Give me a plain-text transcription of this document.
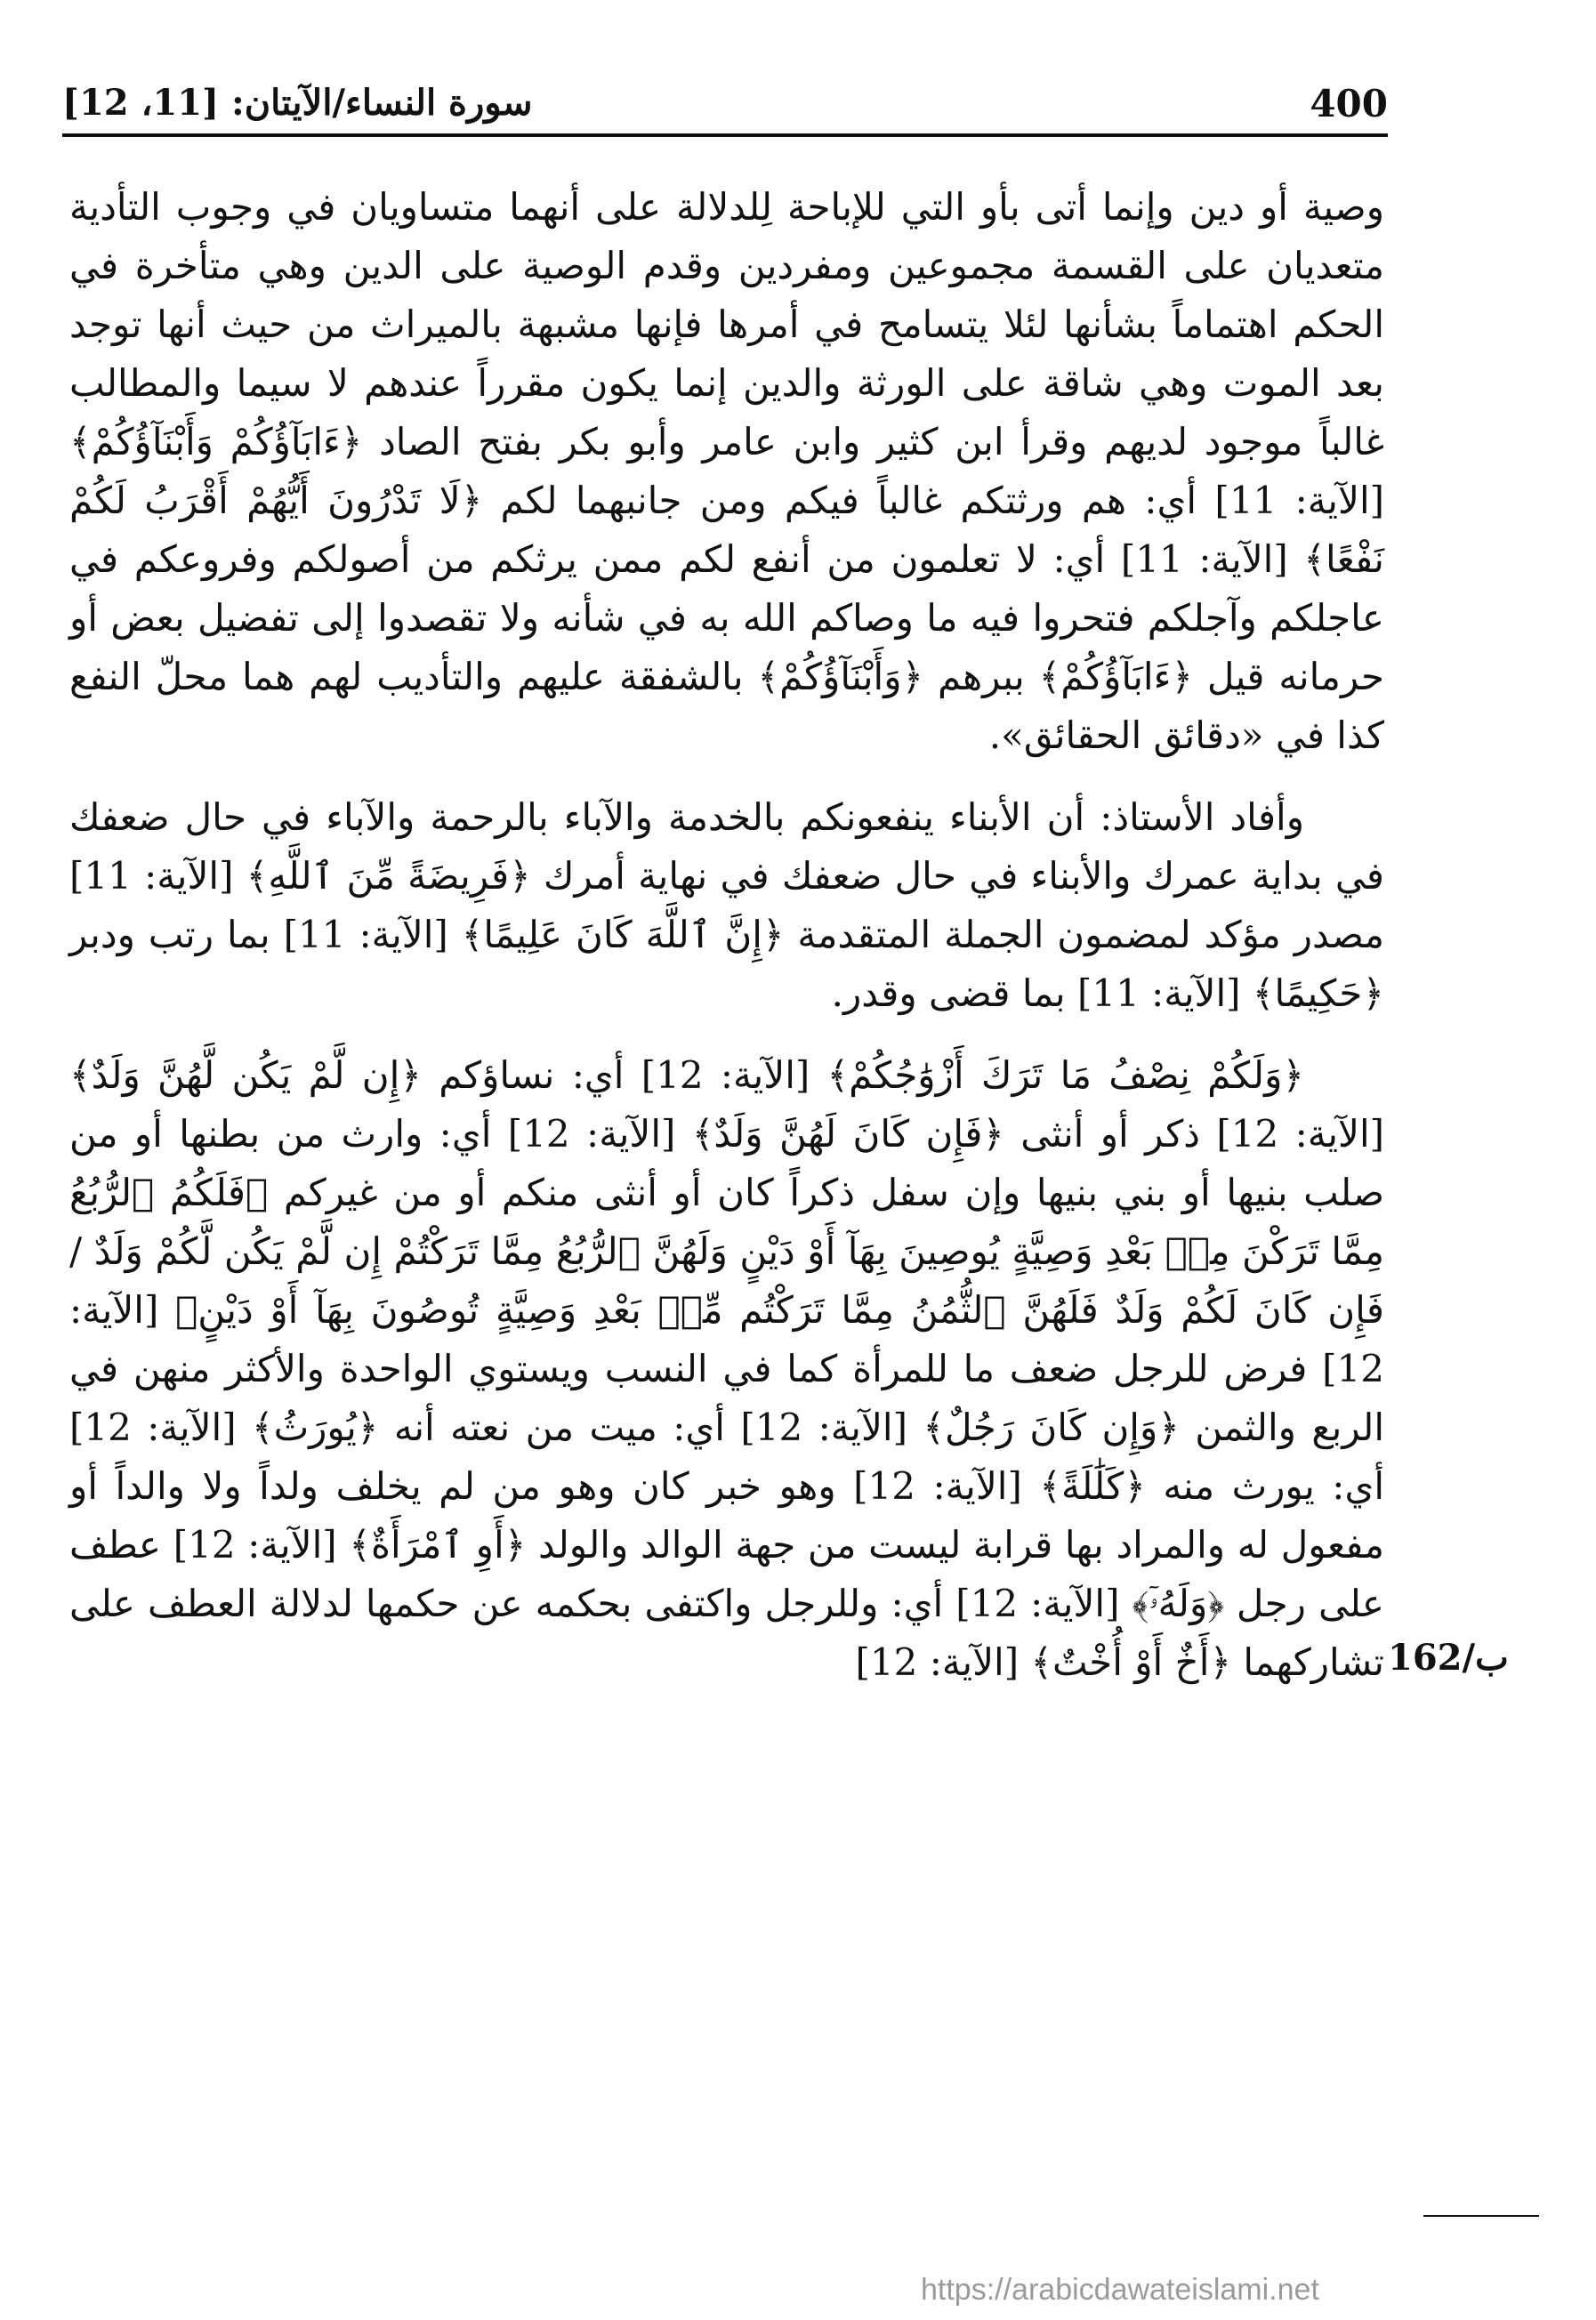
400
سورة النساء/الآيتان: [11، 12]

وصية أو دين وإنما أتى بأو التي للإباحة لِلدلالة على أنهما متساويان في وجوب التأدية متعديان على القسمة مجموعين ومفردين وقدم الوصية على الدين وهي متأخرة في الحكم اهتماماً بشأنها لئلا يتسامح في أمرها فإنها مشبهة بالميراث من حيث أنها توجد بعد الموت وهي شاقة على الورثة والدين إنما يكون مقرراً عندهم لا سيما والمطالب غالباً موجود لديهم وقرأ ابن كثير وابن عامر وأبو بكر بفتح الصاد ﴿ءَابَآؤُكُمْ وَأَبْنَآؤُكُمْ﴾ [الآية: 11] أي: هم ورثتكم غالباً فيكم ومن جانبهما لكم ﴿لَا تَدْرُونَ أَيُّهُمْ أَقْرَبُ لَكُمْ نَفْعًا﴾ [الآية: 11] أي: لا تعلمون من أنفع لكم ممن يرثكم من أصولكم وفروعكم في عاجلكم وآجلكم فتحروا فيه ما وصاكم الله به في شأنه ولا تقصدوا إلى تفضيل بعض أو حرمانه قيل ﴿ءَابَآؤُكُمْ﴾ ببرهم ﴿وَأَبْنَآؤُكُمْ﴾ بالشفقة عليهم والتأديب لهم هما محلّ النفع كذا في «دقائق الحقائق».

وأفاد الأستاذ: أن الأبناء ينفعونكم بالخدمة والآباء بالرحمة والآباء في حال ضعفك في بداية عمرك والأبناء في حال ضعفك في نهاية أمرك ﴿فَرِيضَةً مِّنَ ٱللَّهِ﴾ [الآية: 11] مصدر مؤكد لمضمون الجملة المتقدمة ﴿إِنَّ ٱللَّهَ كَانَ عَلِيمًا﴾ [الآية: 11] بما رتب ودبر ﴿حَكِيمًا﴾ [الآية: 11] بما قضى وقدر.

﴿وَلَكُمْ نِصْفُ مَا تَرَكَ أَزْوَٰجُكُمْ﴾ [الآية: 12] أي: نساؤكم ﴿إِن لَّمْ يَكُن لَّهُنَّ وَلَدٌ﴾ [الآية: 12] ذكر أو أنثى ﴿فَإِن كَانَ لَهُنَّ وَلَدٌ﴾ [الآية: 12] أي: وارث من بطنها أو من صلب بنيها أو بني بنيها وإن سفل ذكراً كان أو أنثى منكم أو من غيركم ﴿فَلَكُمُ ٱلرُّبُعُ مِمَّا تَرَكْنَ مِنۢ بَعْدِ وَصِيَّةٍ يُوصِينَ بِهَآ أَوْ دَيْنٍ وَلَهُنَّ ٱلرُّبُعُ مِمَّا تَرَكْتُمْ إِن لَّمْ يَكُن لَّكُمْ وَلَدٌ / فَإِن كَانَ لَكُمْ وَلَدٌ فَلَهُنَّ ٱلثُّمُنُ مِمَّا تَرَكْتُم مِّنۢ بَعْدِ وَصِيَّةٍ تُوصُونَ بِهَآ أَوْ دَيْنٍ﴾ [الآية: 12] فرض للرجل ضعف ما للمرأة كما في النسب ويستوي الواحدة والأكثر منهن في الربع والثمن ﴿وَإِن كَانَ رَجُلٌ﴾ [الآية: 12] أي: ميت من نعته أنه ﴿يُورَثُ﴾ [الآية: 12] أي: يورث منه ﴿كَلَٰلَةً﴾ [الآية: 12] وهو خبر كان وهو من لم يخلف ولداً ولا والداً أو مفعول له والمراد بها قرابة ليست من جهة الوالد والولد ﴿أَوِ ٱمْرَأَةٌ﴾ [الآية: 12] عطف على رجل ﴿وَلَهُۥٓ﴾ [الآية: 12] أي: وللرجل واكتفى بحكمه عن حكمها لدلالة العطف على تشاركهما ﴿أَخٌ أَوْ أُخْتٌ﴾ [الآية: 12] 162/ب
https://arabicdawateislami.net
